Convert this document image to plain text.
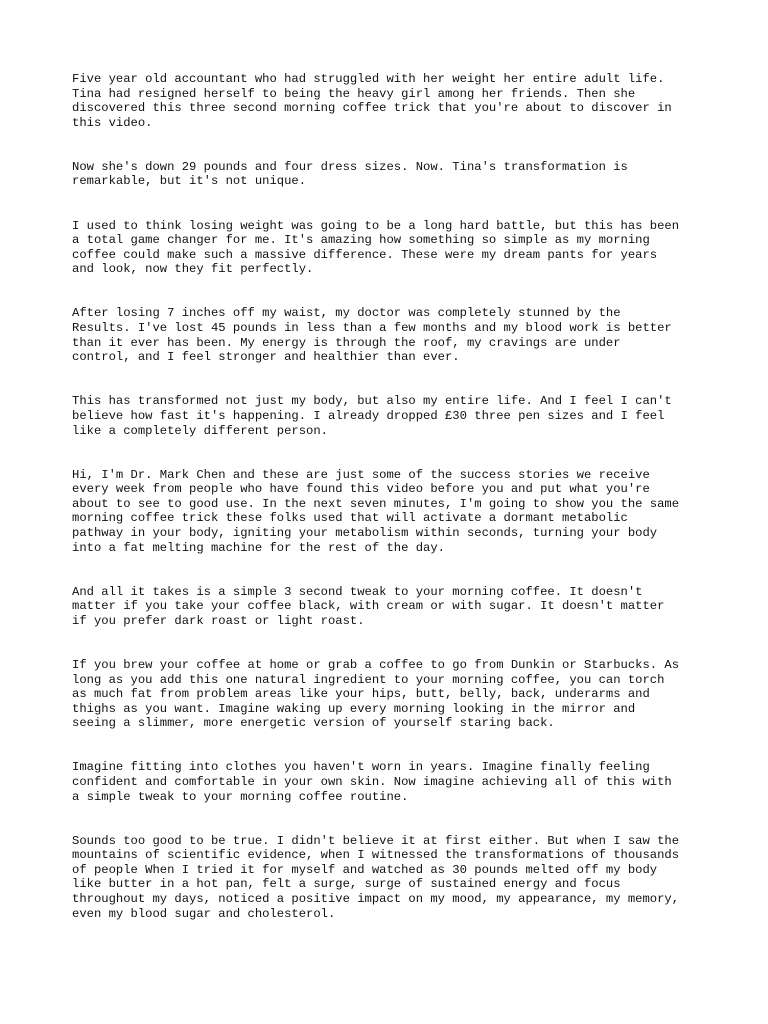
Five year old accountant who had struggled with her weight her entire adult life.
Tina had resigned herself to being the heavy girl among her friends. Then she
discovered this three second morning coffee trick that you're about to discover in
this video.

Now she's down 29 pounds and four dress sizes. Now. Tina's transformation is
remarkable, but it's not unique.

I used to think losing weight was going to be a long hard battle, but this has been
a total game changer for me. It's amazing how something so simple as my morning
coffee could make such a massive difference. These were my dream pants for years
and look, now they fit perfectly.

After losing 7 inches off my waist, my doctor was completely stunned by the
Results. I've lost 45 pounds in less than a few months and my blood work is better
than it ever has been. My energy is through the roof, my cravings are under
control, and I feel stronger and healthier than ever.

This has transformed not just my body, but also my entire life. And I feel I can't
believe how fast it's happening. I already dropped £30 three pen sizes and I feel
like a completely different person.

Hi, I'm Dr. Mark Chen and these are just some of the success stories we receive
every week from people who have found this video before you and put what you're
about to see to good use. In the next seven minutes, I'm going to show you the same
morning coffee trick these folks used that will activate a dormant metabolic
pathway in your body, igniting your metabolism within seconds, turning your body
into a fat melting machine for the rest of the day.

And all it takes is a simple 3 second tweak to your morning coffee. It doesn't
matter if you take your coffee black, with cream or with sugar. It doesn't matter
if you prefer dark roast or light roast.

If you brew your coffee at home or grab a coffee to go from Dunkin or Starbucks. As
long as you add this one natural ingredient to your morning coffee, you can torch
as much fat from problem areas like your hips, butt, belly, back, underarms and
thighs as you want. Imagine waking up every morning looking in the mirror and
seeing a slimmer, more energetic version of yourself staring back.

Imagine fitting into clothes you haven't worn in years. Imagine finally feeling
confident and comfortable in your own skin. Now imagine achieving all of this with
a simple tweak to your morning coffee routine.

Sounds too good to be true. I didn't believe it at first either. But when I saw the
mountains of scientific evidence, when I witnessed the transformations of thousands
of people When I tried it for myself and watched as 30 pounds melted off my body
like butter in a hot pan, felt a surge, surge of sustained energy and focus
throughout my days, noticed a positive impact on my mood, my appearance, my memory,
even my blood sugar and cholesterol.
